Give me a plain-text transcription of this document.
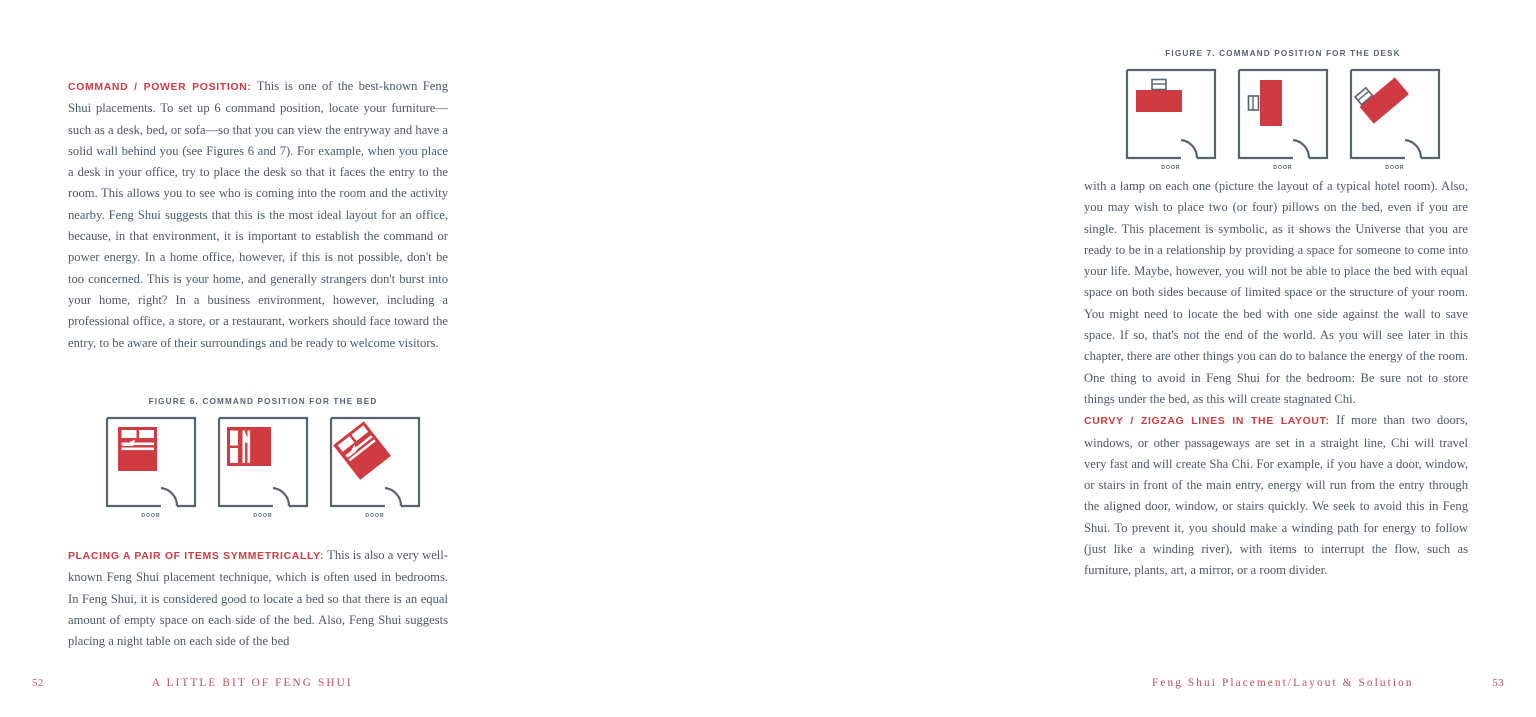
COMMAND / POWER POSITION: This is one of the best-known Feng Shui placements. To set up 6 command position, locate your furniture—such as a desk, bed, or sofa—so that you can view the entryway and have a solid wall behind you (see Figures 6 and 7). For example, when you place a desk in your office, try to place the desk so that it faces the entry to the room. This allows you to see who is coming into the room and the activity nearby. Feng Shui suggests that this is the most ideal layout for an office, because, in that environment, it is important to establish the command or power energy. In a home office, however, if this is not possible, don't be too concerned. This is your home, and generally strangers don't burst into your home, right? In a business environment, however, including a professional office, a store, or a restaurant, workers should face toward the entry, to be aware of their surroundings and be ready to welcome visitors.

FIGURE 6. COMMAND POSITION FOR THE BED
DOOR	DOOR	DOOR

PLACING A PAIR OF ITEMS SYMMETRICALLY: This is also a very well-known Feng Shui placement technique, which is often used in bedrooms. In Feng Shui, it is considered good to locate a bed so that there is an equal amount of empty space on each side of the bed. Also, Feng Shui suggests placing a night table on each side of the bed

52	A LITTLE BIT OF FENG SHUI
FIGURE 7. COMMAND POSITION FOR THE DESK
DOOR	DOOR	DOOR

with a lamp on each one (picture the layout of a typical hotel room). Also, you may wish to place two (or four) pillows on the bed, even if you are single. This placement is symbolic, as it shows the Universe that you are ready to be in a relationship by providing a space for someone to come into your life. Maybe, however, you will not be able to place the bed with equal space on both sides because of limited space or the structure of your room. You might need to locate the bed with one side against the wall to save space. If so, that's not the end of the world. As you will see later in this chapter, there are other things you can do to balance the energy of the room. One thing to avoid in Feng Shui for the bedroom: Be sure not to store things under the bed, as this will create stagnated Chi.

CURVY / ZIGZAG LINES IN THE LAYOUT: If more than two doors, windows, or other passageways are set in a straight line, Chi will travel very fast and will create Sha Chi. For example, if you have a door, window, or stairs in front of the main entry, energy will run from the entry through the aligned door, window, or stairs quickly. We seek to avoid this in Feng Shui. To prevent it, you should make a winding path for energy to follow (just like a winding river), with items to interrupt the flow, such as furniture, plants, art, a mirror, or a room divider.

Feng Shui Placement/Layout & Solution	53
